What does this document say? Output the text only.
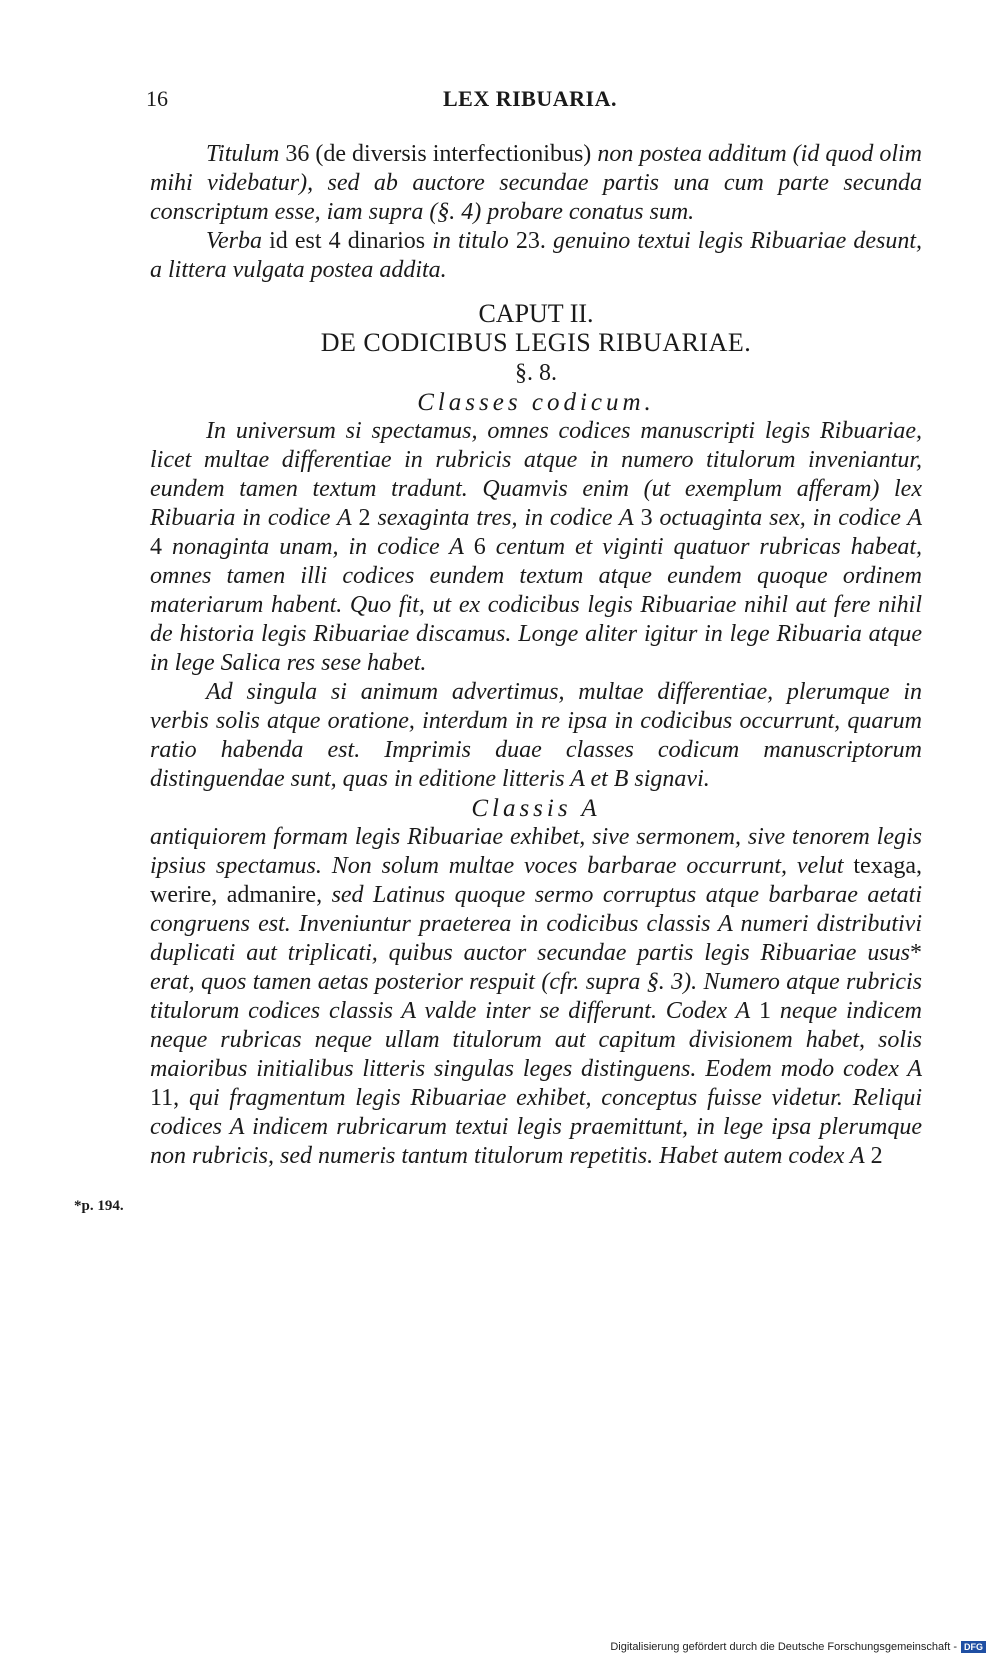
16	LEX RIBUARIA.

Titulum 36 (de diversis interfectionibus) non postea additum (id quod olim mihi videbatur), sed ab auctore secundae partis una cum parte secunda conscriptum esse, iam supra (§. 4) probare conatus sum.

Verba id est 4 dinarios in titulo 23. genuino textui legis Ribuariae desunt, a littera vulgata postea addita.

CAPUT II.

DE CODICIBUS LEGIS RIBUARIAE.

§. 8.

Classes codicum.

In universum si spectamus, omnes codices manuscripti legis Ribuariae, licet multae differentiae in rubricis atque in numero titulorum inveniantur, eundem tamen textum tradunt. Quamvis enim (ut exemplum afferam) lex Ribuaria in codice A 2 sexaginta tres, in codice A 3 octuaginta sex, in codice A 4 nonaginta unam, in codice A 6 centum et viginti quatuor rubricas habeat, omnes tamen illi codices eundem textum atque eundem quoque ordinem materiarum habent. Quo fit, ut ex codicibus legis Ribuariae nihil aut fere nihil de historia legis Ribuariae discamus. Longe aliter igitur in lege Ribuaria atque in lege Salica res sese habet.

Ad singula si animum advertimus, multae differentiae, plerumque in verbis solis atque oratione, interdum in re ipsa in codicibus occurrunt, quarum ratio habenda est. Imprimis duae classes codicum manuscriptorum distinguendae sunt, quas in editione litteris A et B signavi.

Classis A

antiquiorem formam legis Ribuariae exhibet, sive sermonem, sive tenorem legis ipsius spectamus. Non solum multae voces barbarae occurrunt, velut texaga, werire, admanire, sed Latinus quoque sermo corruptus atque barbarae aetati congruens est. Inveniuntur praeterea in codicibus classis A numeri distributivi duplicati aut triplicati, quibus auctor secundae partis legis Ribuariae usus* erat, quos tamen aetas posterior respuit (cfr. supra §. 3). Numero atque rubricis titulorum codices classis A valde inter se differunt. Codex A 1 neque indicem neque rubricas neque ullam titulorum aut capitum divisionem habet, solis maioribus initialibus litteris singulas leges distinguens. Eodem modo codex A 11, qui fragmentum legis Ribuariae exhibet, conceptus fuisse videtur. Reliqui codices A indicem rubricarum textui legis praemittunt, in lege ipsa plerumque non rubricis, sed numeris tantum titulorum repetitis. Habet autem codex A 2

*p. 194.
Digitalisierung gefördert durch die Deutsche Forschungsgemeinschaft - DFG
